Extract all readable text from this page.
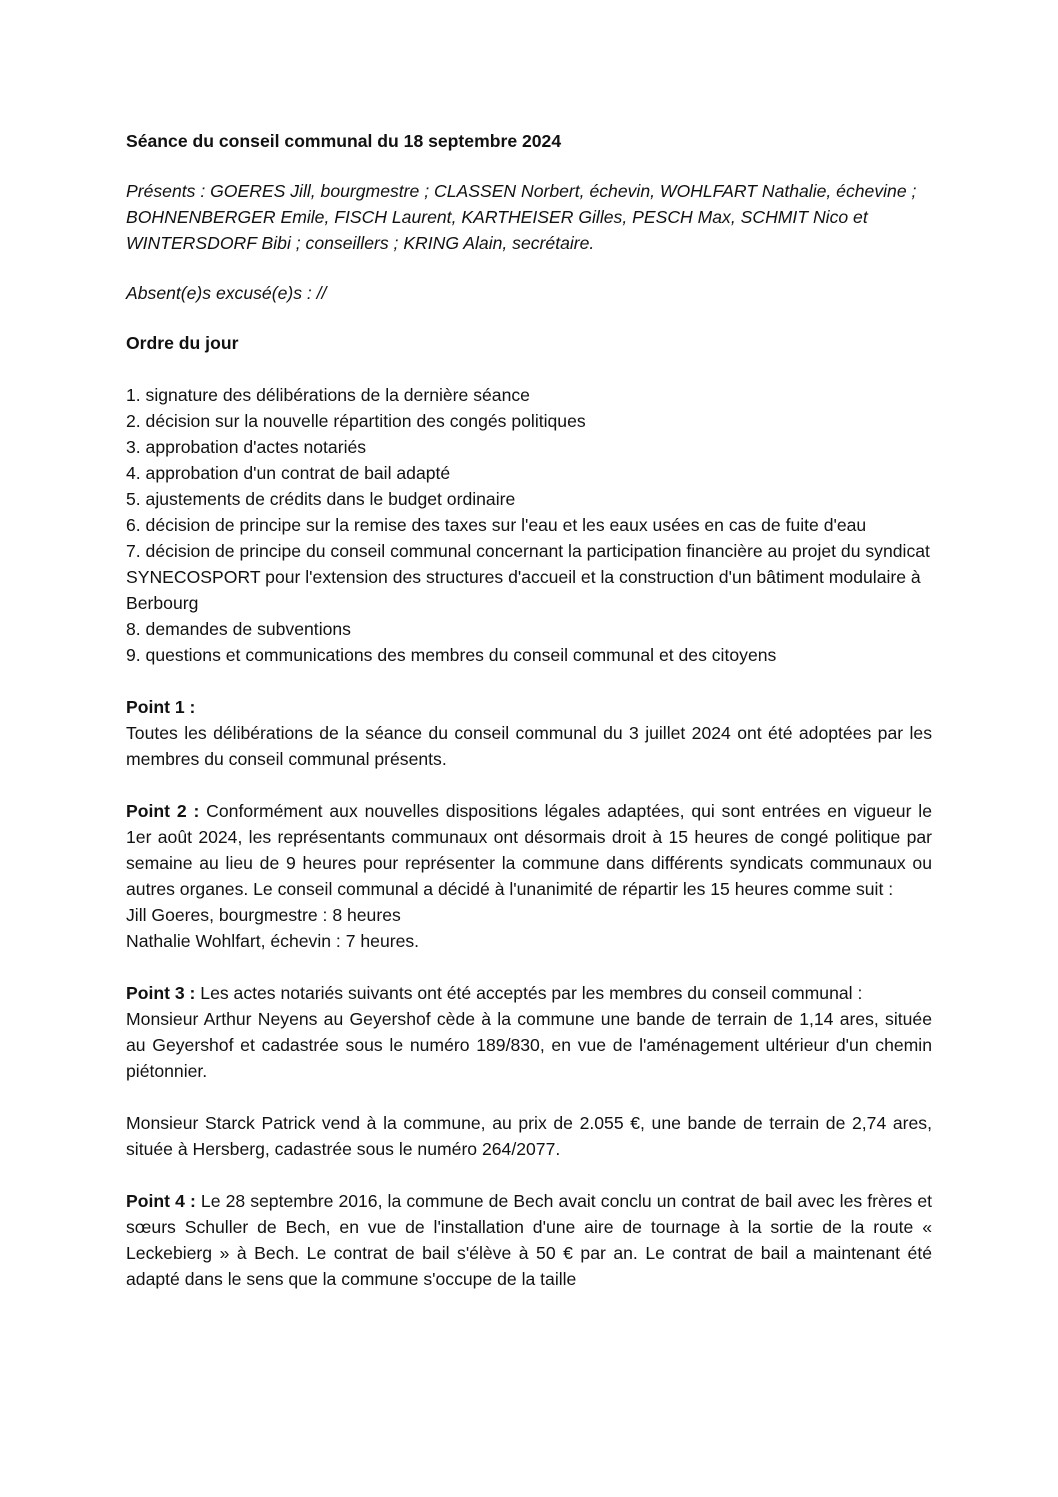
Séance du conseil communal du 18 septembre 2024
Présents : GOERES Jill, bourgmestre ; CLASSEN Norbert, échevin, WOHLFART Nathalie, échevine ; BOHNENBERGER Emile, FISCH Laurent, KARTHEISER Gilles, PESCH Max, SCHMIT Nico et WINTERSDORF Bibi ; conseillers ; KRING Alain, secrétaire.
Absent(e)s excusé(e)s : //
Ordre du jour
1. signature des délibérations de la dernière séance
2. décision sur la nouvelle répartition des congés politiques
3. approbation d'actes notariés
4. approbation d'un contrat de bail adapté
5. ajustements de crédits dans le budget ordinaire
6. décision de principe sur la remise des taxes sur l'eau et les eaux usées en cas de fuite d'eau
7. décision de principe du conseil communal concernant la participation financière au projet du syndicat SYNECOSPORT pour l'extension des structures d'accueil et la construction d'un bâtiment modulaire à Berbourg
8. demandes de subventions
9. questions et communications des membres du conseil communal et des citoyens
Point 1 :
Toutes les délibérations de la séance du conseil communal du 3 juillet 2024 ont été adoptées par les membres du conseil communal présents.
Point 2 : Conformément aux nouvelles dispositions légales adaptées, qui sont entrées en vigueur le 1er août 2024, les représentants communaux ont désormais droit à 15 heures de congé politique par semaine au lieu de 9 heures pour représenter la commune dans différents syndicats communaux ou autres organes. Le conseil communal a décidé à l'unanimité de répartir les 15 heures comme suit :
Jill Goeres, bourgmestre : 8 heures
Nathalie Wohlfart, échevin : 7 heures.
Point 3 : Les actes notariés suivants ont été acceptés par les membres du conseil communal :
Monsieur Arthur Neyens au Geyershof cède à la commune une bande de terrain de 1,14 ares, située au Geyershof et cadastrée sous le numéro 189/830, en vue de l'aménagement ultérieur d'un chemin piétonnier.
Monsieur Starck Patrick vend à la commune, au prix de 2.055 €, une bande de terrain de 2,74 ares, située à Hersberg, cadastrée sous le numéro 264/2077.
Point 4 : Le 28 septembre 2016, la commune de Bech avait conclu un contrat de bail avec les frères et sœurs Schuller de Bech, en vue de l'installation d'une aire de tournage à la sortie de la route « Leckebierg » à Bech. Le contrat de bail s'élève à 50 € par an. Le contrat de bail a maintenant été adapté dans le sens que la commune s'occupe de la taille
